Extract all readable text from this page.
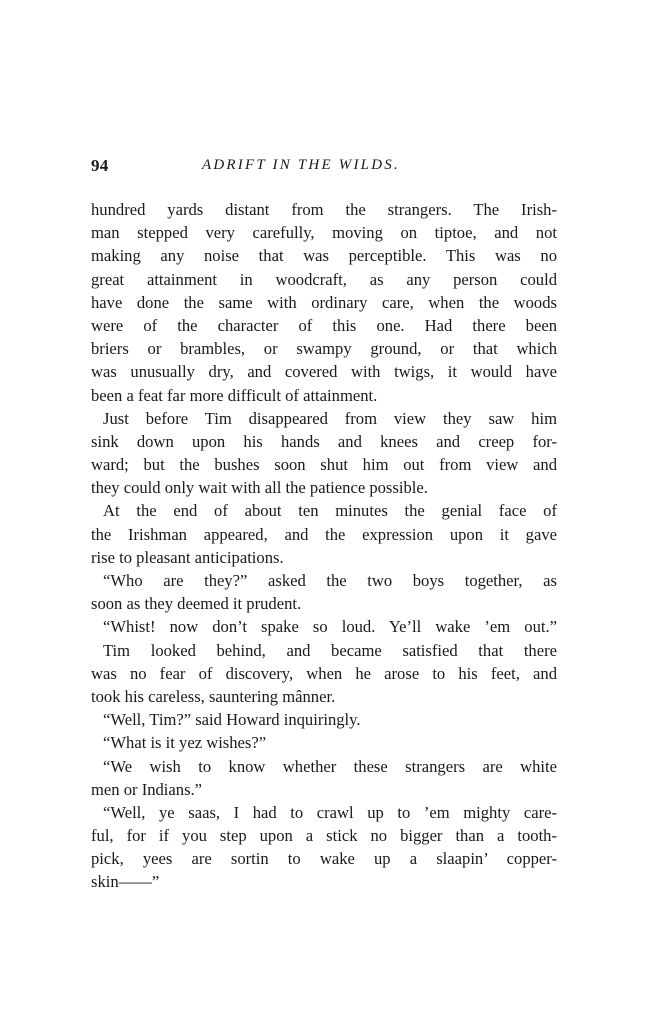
94	ADRIFT IN THE WILDS.
hundred yards distant from the strangers. The Irish-
man stepped very carefully, moving on tiptoe, and not
making any noise that was perceptible. This was no
great attainment in woodcraft, as any person could
have done the same with ordinary care, when the woods
were of the character of this one. Had there been
briers or brambles, or swampy ground, or that which
was unusually dry, and covered with twigs, it would have
been a feat far more difficult of attainment.
Just before Tim disappeared from view they saw him
sink down upon his hands and knees and creep for-
ward; but the bushes soon shut him out from view and
they could only wait with all the patience possible.
At the end of about ten minutes the genial face of
the Irishman appeared, and the expression upon it gave
rise to pleasant anticipations.
“Who are they?” asked the two boys together, as
soon as they deemed it prudent.
“Whist! now don’t spake so loud. Ye’ll wake ’em out.”
Tim looked behind, and became satisfied that there
was no fear of discovery, when he arose to his feet, and
took his careless, sauntering mânner.
“Well, Tim?” said Howard inquiringly.
“What is it yez wishes?”
“We wish to know whether these strangers are white
men or Indians.”
“Well, ye saas, I had to crawl up to ’em mighty care-
ful, for if you step upon a stick no bigger than a tooth-
pick, yees are sortin to wake up a slaapin’ copper-
skin——”
